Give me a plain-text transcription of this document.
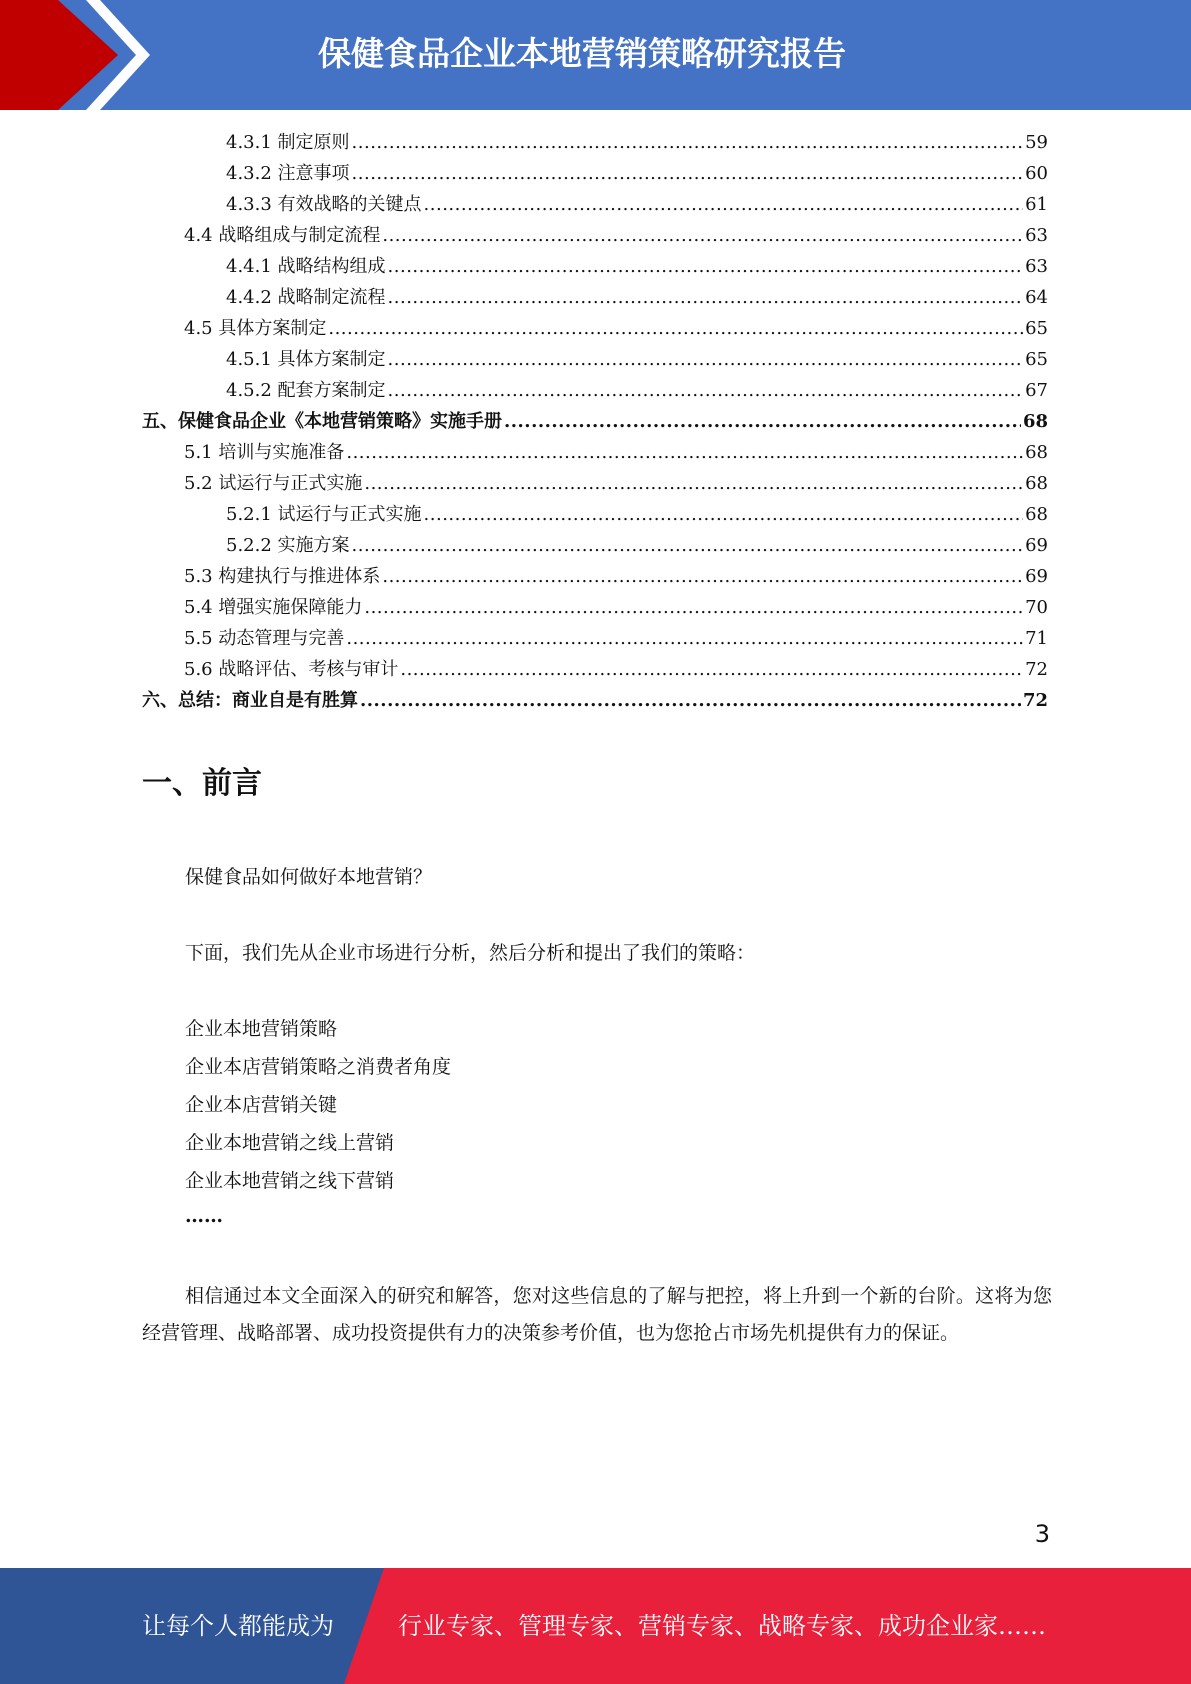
保健食品企业本地营销策略研究报告
4.3.1 制定原则 .....	59
4.3.2 注意事项 .....	60
4.3.3 有效战略的关键点 .....	61
4.4 战略组成与制定流程 .....	63
4.4.1 战略结构组成 .....	63
4.4.2 战略制定流程 .....	64
4.5 具体方案制定 .....	65
4.5.1 具体方案制定 .....	65
4.5.2 配套方案制定 .....	67
五、保健食品企业《本地营销策略》实施手册 .....	68
5.1 培训与实施准备 .....	68
5.2 试运行与正式实施 .....	68
5.2.1 试运行与正式实施 .....	68
5.2.2 实施方案 .....	69
5.3 构建执行与推进体系 .....	69
5.4 增强实施保障能力 .....	70
5.5 动态管理与完善 .....	71
5.6 战略评估、考核与审计 .....	72
六、总结：商业自是有胜算 .....	72
一、前言
保健食品如何做好本地营销？
下面，我们先从企业市场进行分析，然后分析和提出了我们的策略：
企业本地营销策略
企业本店营销策略之消费者角度
企业本店营销关键
企业本地营销之线上营销
企业本地营销之线下营销
……
相信通过本文全面深入的研究和解答，您对这些信息的了解与把控，将上升到一个新的台阶。这将为您经营管理、战略部署、成功投资提供有力的决策参考价值，也为您抢占市场先机提供有力的保证。
3
让每个人都能成为	行业专家、管理专家、营销专家、战略专家、成功企业家……
